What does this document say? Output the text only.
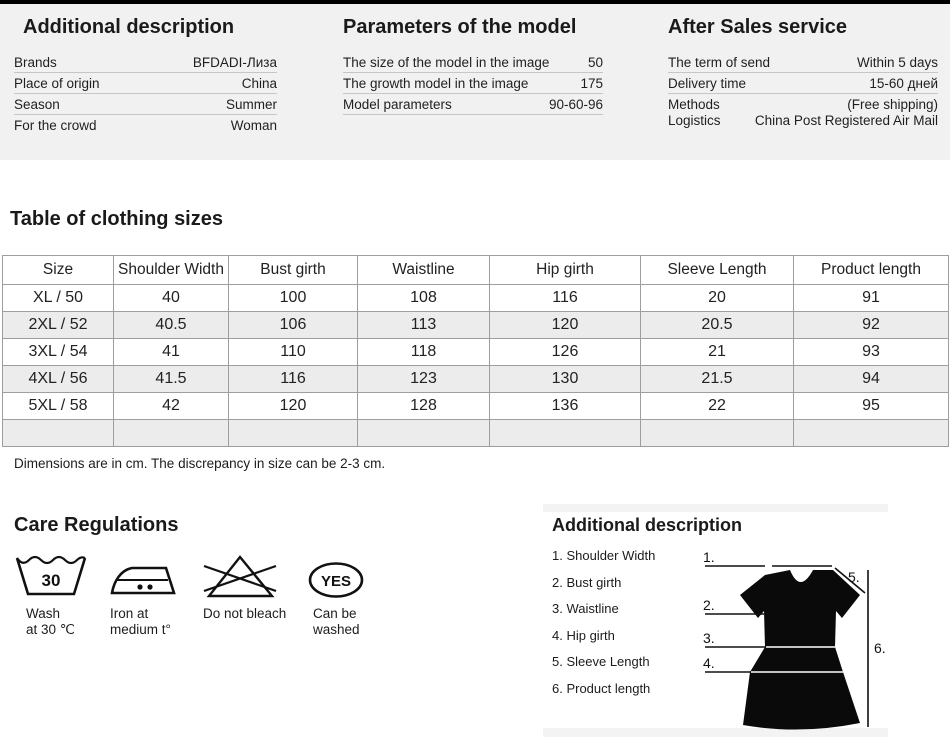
Additional description
Brands	BFDADI-Лиза
Place of origin	China
Season	Summer
For the crowd	Woman
Parameters of the model
The size of the model in the image	50
The growth model in the image	175
Model parameters	90-60-96
After Sales service
The term of send	Within 5 days
Delivery time	15-60 дней
Methods	(Free shipping)
Logistics	China Post Registered Air Mail
Table of clothing sizes
Size	Shoulder Width	Bust girth	Waistline	Hip girth	Sleeve Length	Product length
XL / 50	40	100	108	116	20	91
2XL / 52	40.5	106	113	120	20.5	92
3XL / 54	41	110	118	126	21	93
4XL / 56	41.5	116	123	130	21.5	94
5XL / 58	42	120	128	136	22	95

Dimensions are in cm. The discrepancy in size can be 2-3 cm.
Care Regulations
30
Wash
at 30 ℃
Iron at
medium t°
Do not bleach
YES
Can be
washed
Additional description
1. Shoulder Width
2. Bust girth
3. Waistline
4. Hip girth
5. Sleeve Length
6. Product length
1.
2.
3.
4.
5.
6.
